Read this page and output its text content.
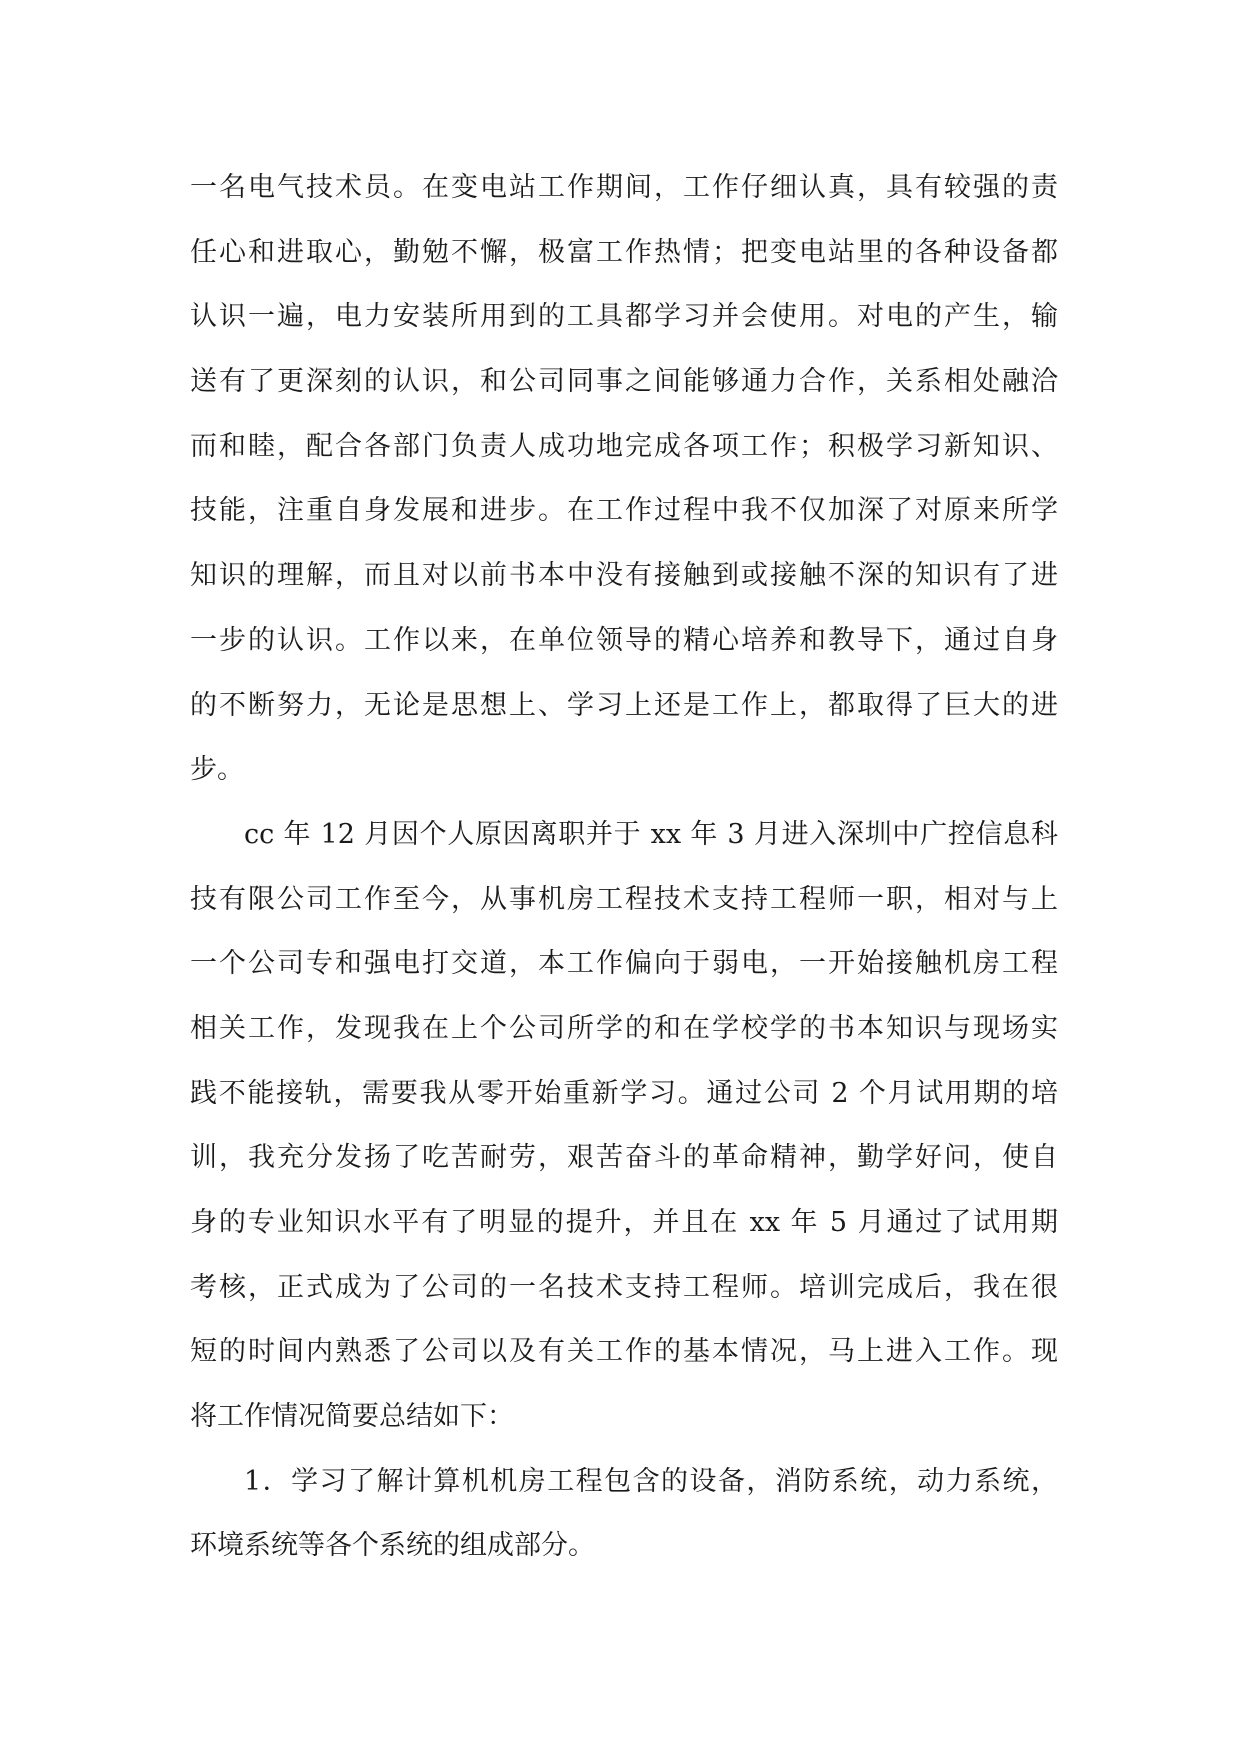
一名电气技术员。在变电站工作期间，工作仔细认真，具有较强的责
任心和进取心，勤勉不懈，极富工作热情；把变电站里的各种设备都
认识一遍，电力安装所用到的工具都学习并会使用。对电的产生，输
送有了更深刻的认识，和公司同事之间能够通力合作，关系相处融洽
而和睦，配合各部门负责人成功地完成各项工作；积极学习新知识、
技能，注重自身发展和进步。在工作过程中我不仅加深了对原来所学
知识的理解，而且对以前书本中没有接触到或接触不深的知识有了进
一步的认识。工作以来，在单位领导的精心培养和教导下，通过自身
的不断努力，无论是思想上、学习上还是工作上，都取得了巨大的进
步。
cc 年 12 月因个人原因离职并于 xx 年 3 月进入深圳中广控信息科
技有限公司工作至今，从事机房工程技术支持工程师一职，相对与上
一个公司专和强电打交道，本工作偏向于弱电，一开始接触机房工程
相关工作，发现我在上个公司所学的和在学校学的书本知识与现场实
践不能接轨，需要我从零开始重新学习。通过公司 2 个月试用期的培
训，我充分发扬了吃苦耐劳，艰苦奋斗的革命精神，勤学好问，使自
身的专业知识水平有了明显的提升，并且在 xx 年 5 月通过了试用期
考核，正式成为了公司的一名技术支持工程师。培训完成后，我在很
短的时间内熟悉了公司以及有关工作的基本情况，马上进入工作。现
将工作情况简要总结如下：
1．学习了解计算机机房工程包含的设备，消防系统，动力系统，
环境系统等各个系统的组成部分。
